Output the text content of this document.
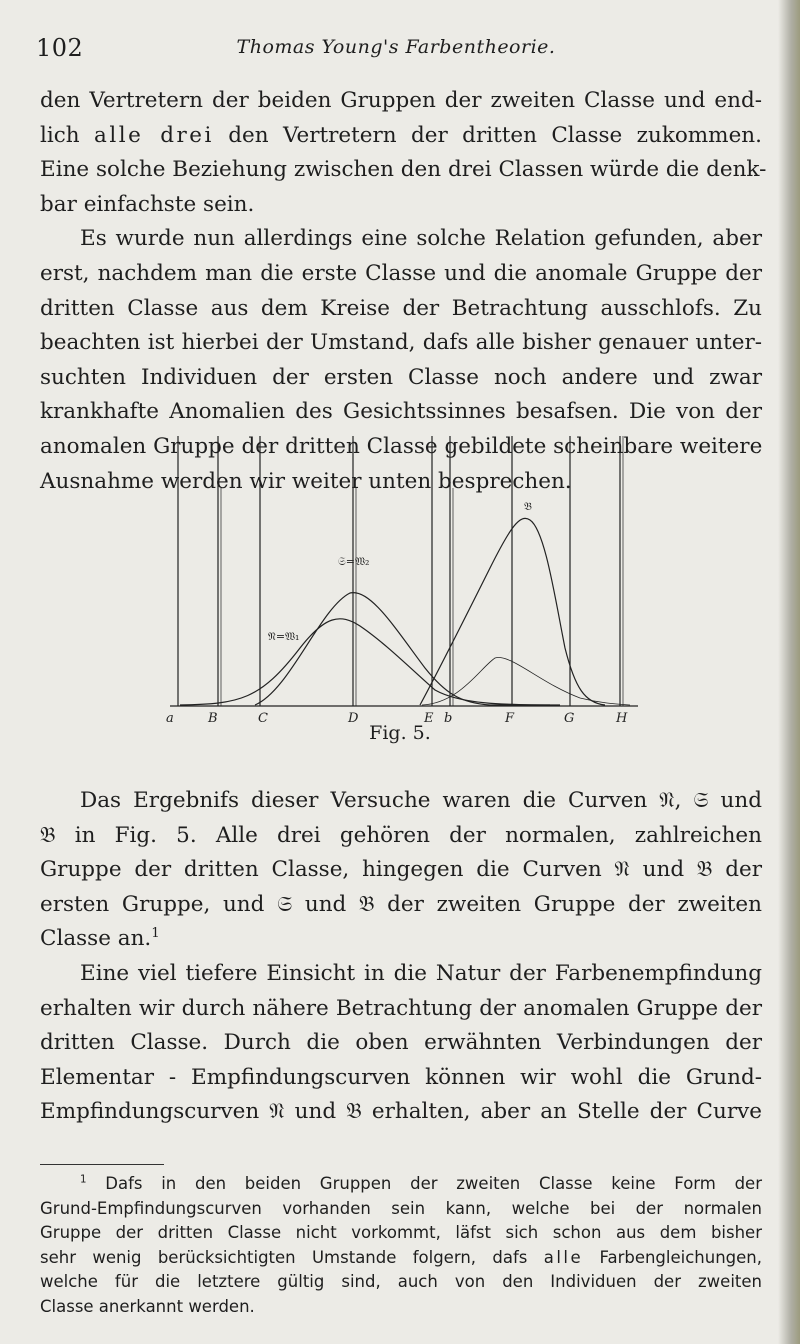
102	Thomas Young's Farbentheorie.

den Vertretern der beiden Gruppen der zweiten Classe und end-
lich alle drei den Vertretern der dritten Classe zukommen.
Eine solche Beziehung zwischen den drei Classen würde die denk-
bar einfachste sein.

Es wurde nun allerdings eine solche Relation gefunden, aber
erst, nachdem man die erste Classe und die anomale Gruppe der
dritten Classe aus dem Kreise der Betrachtung ausschlofs. Zu
beachten ist hierbei der Umstand, dafs alle bisher genauer unter-
suchten Individuen der ersten Classe noch andere und zwar
krankhafte Anomalien des Gesichtssinnes besafsen. Die von der
anomalen Gruppe der dritten Classe gebildete scheinbare weitere
Ausnahme werden wir weiter unten besprechen.

𝔑=𝔚₁
𝔖=𝔚₂
𝔅
a	B	C	D	E b	F	G	H
Fig. 5.

Das Ergebnifs dieser Versuche waren die Curven 𝔑, 𝔖 und
𝔅 in Fig. 5. Alle drei gehören der normalen, zahlreichen
Gruppe der dritten Classe, hingegen die Curven 𝔑 und 𝔅 der
ersten Gruppe, und 𝔖 und 𝔅 der zweiten Gruppe der zweiten
Classe an.$^1$

Eine viel tiefere Einsicht in die Natur der Farbenempfindung
erhalten wir durch nähere Betrachtung der anomalen Gruppe der
dritten Classe. Durch die oben erwähnten Verbindungen der
Elementar - Empfindungscurven können wir wohl die Grund-
Empfindungscurven 𝔑 und 𝔅 erhalten, aber an Stelle der Curve

$^1$ Dafs in den beiden Gruppen der zweiten Classe keine Form der
Grund-Empfindungscurven vorhanden sein kann, welche bei der normalen
Gruppe der dritten Classe nicht vorkommt, läfst sich schon aus dem bisher
sehr wenig berücksichtigten Umstande folgern, dafs alle Farbengleichungen,
welche für die letztere gültig sind, auch von den Individuen der zweiten
Classe anerkannt werden.
